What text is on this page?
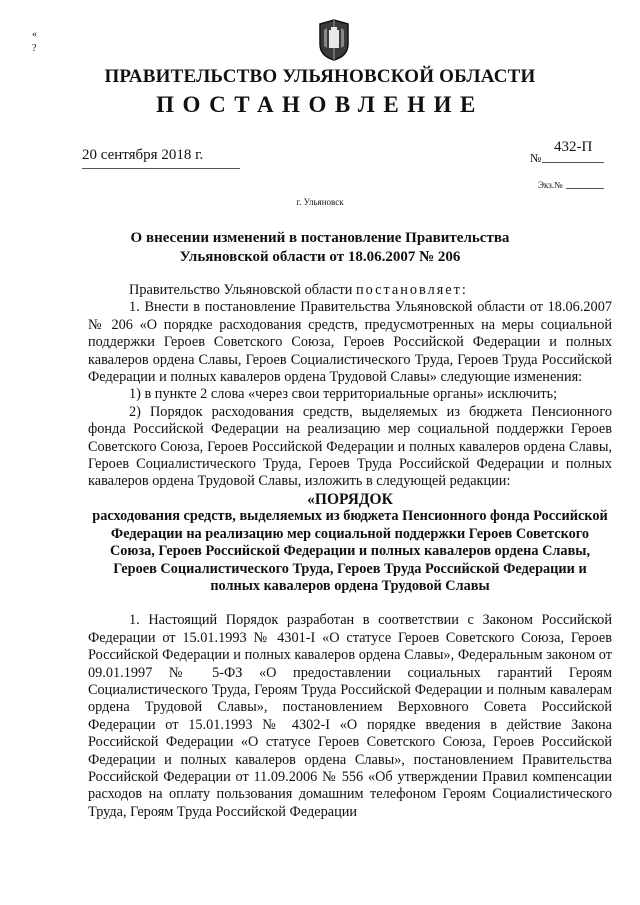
«
?
ПРАВИТЕЛЬСТВО УЛЬЯНОВСКОЙ ОБЛАСТИ
ПОСТАНОВЛЕНИЕ
20 сентября 2018 г.	432-П
№
Экз.№
г. Ульяновск
О внесении изменений в постановление Правительства
Ульяновской области от 18.06.2007 № 206

Правительство Ульяновской области постановляет:

1. Внести в постановление Правительства Ульяновской области от 18.06.2007 № 206 «О порядке расходования средств, предусмотренных на меры социальной поддержки Героев Советского Союза, Героев Российской Федерации и полных кавалеров ордена Славы, Героев Социалистического Труда, Героев Труда Российской Федерации и полных кавалеров ордена Трудовой Славы» следующие изменения:

1) в пункте 2 слова «через свои территориальные органы» исключить;

2) Порядок расходования средств, выделяемых из бюджета Пенсионного фонда Российской Федерации на реализацию мер социальной поддержки Героев Советского Союза, Героев Российской Федерации и полных кавалеров ордена Славы, Героев Социалистического Труда, Героев Труда Российской Федерации и полных кавалеров ордена Трудовой Славы, изложить в следующей редакции:

«ПОРЯДОК

расходования средств, выделяемых из бюджета Пенсионного фонда Российской Федерации на реализацию мер социальной поддержки Героев Советского Союза, Героев Российской Федерации и полных кавалеров ордена Славы, Героев Социалистического Труда, Героев Труда Российской Федерации и полных кавалеров ордена Трудовой Славы

1. Настоящий Порядок разработан в соответствии с Законом Российской Федерации от 15.01.1993 № 4301-I «О статусе Героев Советского Союза, Героев Российской Федерации и полных кавалеров ордена Славы», Федеральным законом от 09.01.1997 № 5-ФЗ «О предоставлении социальных гарантий Героям Социалистического Труда, Героям Труда Российской Федерации и полным кавалерам ордена Трудовой Славы», постановлением Верховного Совета Российской Федерации от 15.01.1993 № 4302-I «О порядке введения в действие Закона Российской Федерации «О статусе Героев Советского Союза, Героев Российской Федерации и полных кавалеров ордена Славы», постановлением Правительства Российской Федерации от 11.09.2006 № 556 «Об утверждении Правил компенсации расходов на оплату пользования домашним телефоном Героям Социалистического Труда, Героям Труда Российской Федерации
